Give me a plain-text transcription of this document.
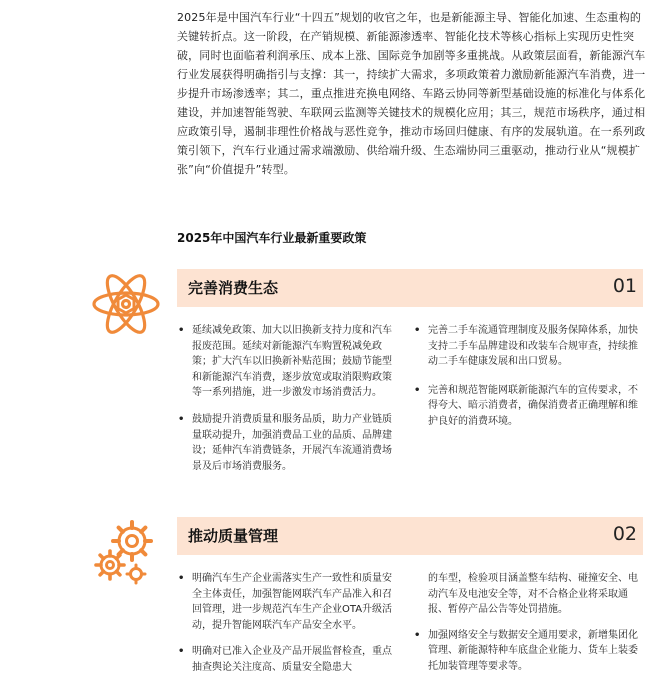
2025年是中国汽车行业“十四五”规划的收官之年，也是新能源主导、智能化加速、生态重构的关键转折点。这一阶段，在产销规模、新能源渗透率、智能化技术等核心指标上实现历史性突破，同时也面临着利润承压、成本上涨、国际竞争加剧等多重挑战。从政策层面看，新能源汽车行业发展获得明确指引与支撑：其一，持续扩大需求，多项政策着力激励新能源汽车消费，进一步提升市场渗透率；其二，重点推进充换电网络、车路云协同等新型基础设施的标准化与体系化建设，并加速智能驾驶、车联网云监测等关键技术的规模化应用；其三，规范市场秩序，通过相应政策引导，遏制非理性价格战与恶性竞争，推动市场回归健康、有序的发展轨道。在一系列政策引领下，汽车行业通过需求端激励、供给端升级、生态端协同三重驱动，推动行业从“规模扩张”向“价值提升”转型。

2025年中国汽车行业最新重要政策
完善消费生态	01
• 延续减免政策、加大以旧换新支持力度和汽车报废范围。延续对新能源汽车购置税减免政策；扩大汽车以旧换新补贴范围；鼓励节能型和新能源汽车消费，逐步放宽或取消限购政策等一系列措施，进一步激发市场消费活力。
• 鼓励提升消费质量和服务品质，助力产业链质量联动提升，加强消费品工业的品质、品牌建设；延伸汽车消费链条，开展汽车流通消费场景及后市场消费服务。
• 完善二手车流通管理制度及服务保障体系，加快支持二手车品牌建设和改装车合规审查，持续推动二手车健康发展和出口贸易。
• 完善和规范智能网联新能源汽车的宣传要求，不得夸大、暗示消费者，确保消费者正确理解和维护良好的消费环境。
推动质量管理	02
• 明确汽车生产企业需落实生产一致性和质量安全主体责任，加强智能网联汽车产品准入和召回管理，进一步规范汽车生产企业OTA升级活动，提升智能网联汽车产品安全水平。
• 明确对已准入企业及产品开展监督检查，重点抽查舆论关注度高、质量安全隐患大
的车型，检验项目涵盖整车结构、碰撞安全、电动汽车及电池安全等，对不合格企业将采取通报、暂停产品公告等处罚措施。
• 加强网络安全与数据安全通用要求，新增集团化管理、新能源特种车底盘企业能力、货车上装委托加装管理等要求等。
